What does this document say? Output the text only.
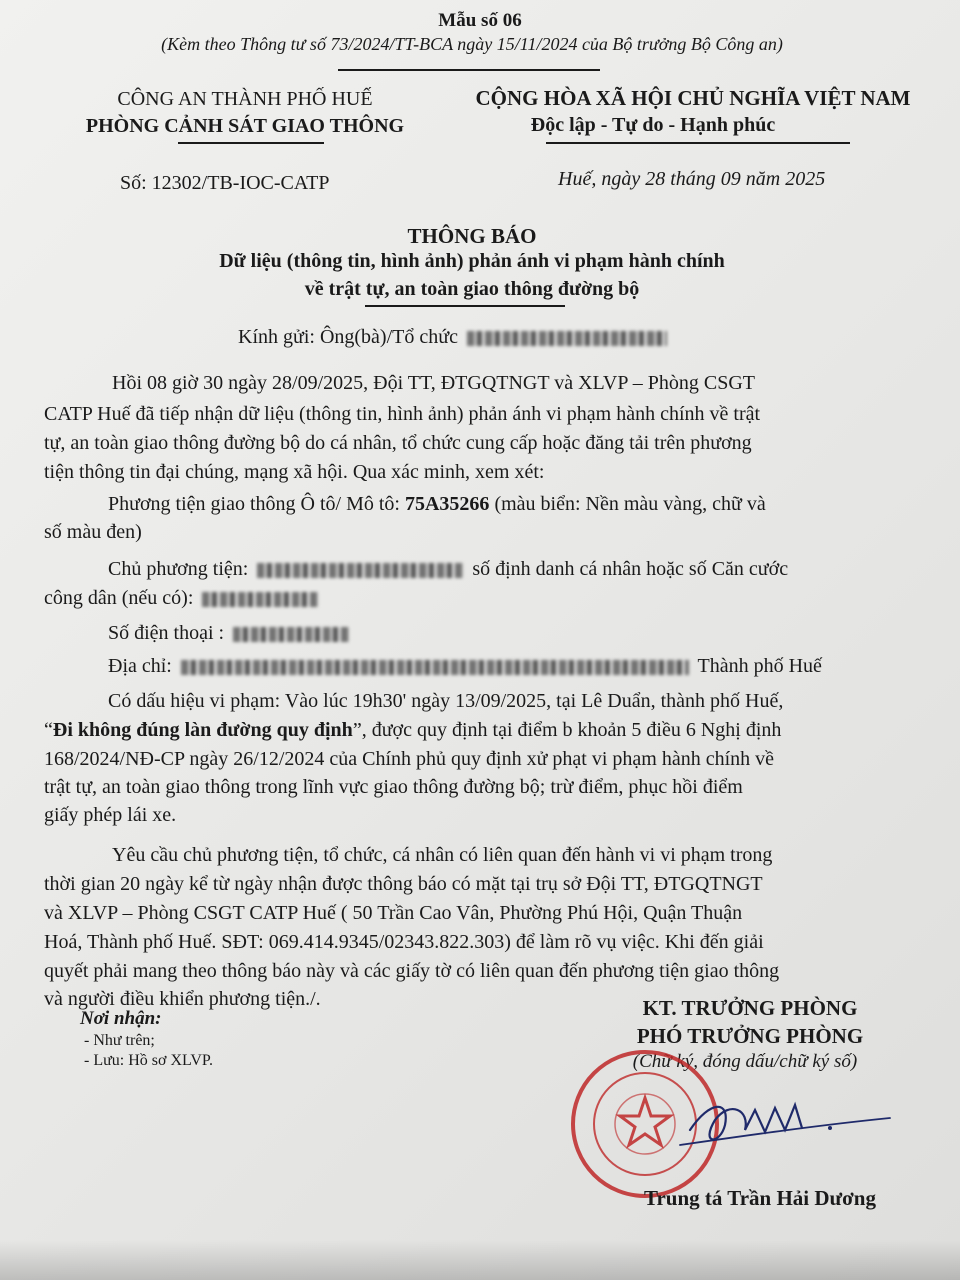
Mẫu số 06
(Kèm theo Thông tư số 73/2024/TT-BCA ngày 15/11/2024 của Bộ trưởng Bộ Công an)
CÔNG AN THÀNH PHỐ HUẾ
PHÒNG CẢNH SÁT GIAO THÔNG
CỘNG HÒA XÃ HỘI CHỦ NGHĨA VIỆT NAM
Độc lập - Tự do - Hạnh phúc
Số: 12302/TB-IOC-CATP	Huế, ngày 28 tháng 09 năm 2025
THÔNG BÁO
Dữ liệu (thông tin, hình ảnh) phản ánh vi phạm hành chính
về trật tự, an toàn giao thông đường bộ
Kính gửi: Ông(bà)/Tổ chức
Hồi 08 giờ 30 ngày 28/09/2025, Đội TT, ĐTGQTNGT và XLVP – Phòng CSGT
CATP Huế đã tiếp nhận dữ liệu (thông tin, hình ảnh) phản ánh vi phạm hành chính về trật
tự, an toàn giao thông đường bộ do cá nhân, tổ chức cung cấp hoặc đăng tải trên phương
tiện thông tin đại chúng, mạng xã hội. Qua xác minh, xem xét:
Phương tiện giao thông Ô tô/ Mô tô: 75A35266 (màu biển: Nền màu vàng, chữ và
số màu đen)
Chủ phương tiện:	số định danh cá nhân hoặc số Căn cước
công dân (nếu có):
Số điện thoại :
Địa chỉ:	Thành phố Huế
Có dấu hiệu vi phạm: Vào lúc 19h30' ngày 13/09/2025, tại Lê Duẩn, thành phố Huế,
“Đi không đúng làn đường quy định”, được quy định tại điểm b khoản 5 điều 6 Nghị định
168/2024/NĐ-CP ngày 26/12/2024 của Chính phủ quy định xử phạt vi phạm hành chính về
trật tự, an toàn giao thông trong lĩnh vực giao thông đường bộ; trừ điểm, phục hồi điểm
giấy phép lái xe.
Yêu cầu chủ phương tiện, tổ chức, cá nhân có liên quan đến hành vi vi phạm trong
thời gian 20 ngày kể từ ngày nhận được thông báo có mặt tại trụ sở Đội TT, ĐTGQTNGT
và XLVP – Phòng CSGT CATP Huế ( 50 Trần Cao Vân, Phường Phú Hội, Quận Thuận
Hoá, Thành phố Huế. SĐT: 069.414.9345/02343.822.303) để làm rõ vụ việc. Khi đến giải
quyết phải mang theo thông báo này và các giấy tờ có liên quan đến phương tiện giao thông
và người điều khiển phương tiện./.
Nơi nhận:
- Như trên;
- Lưu: Hồ sơ XLVP.
KT. TRƯỞNG PHÒNG
PHÓ TRƯỞNG PHÒNG
(Chữ ký, đóng dấu/chữ ký số)
Trung tá Trần Hải Dương
